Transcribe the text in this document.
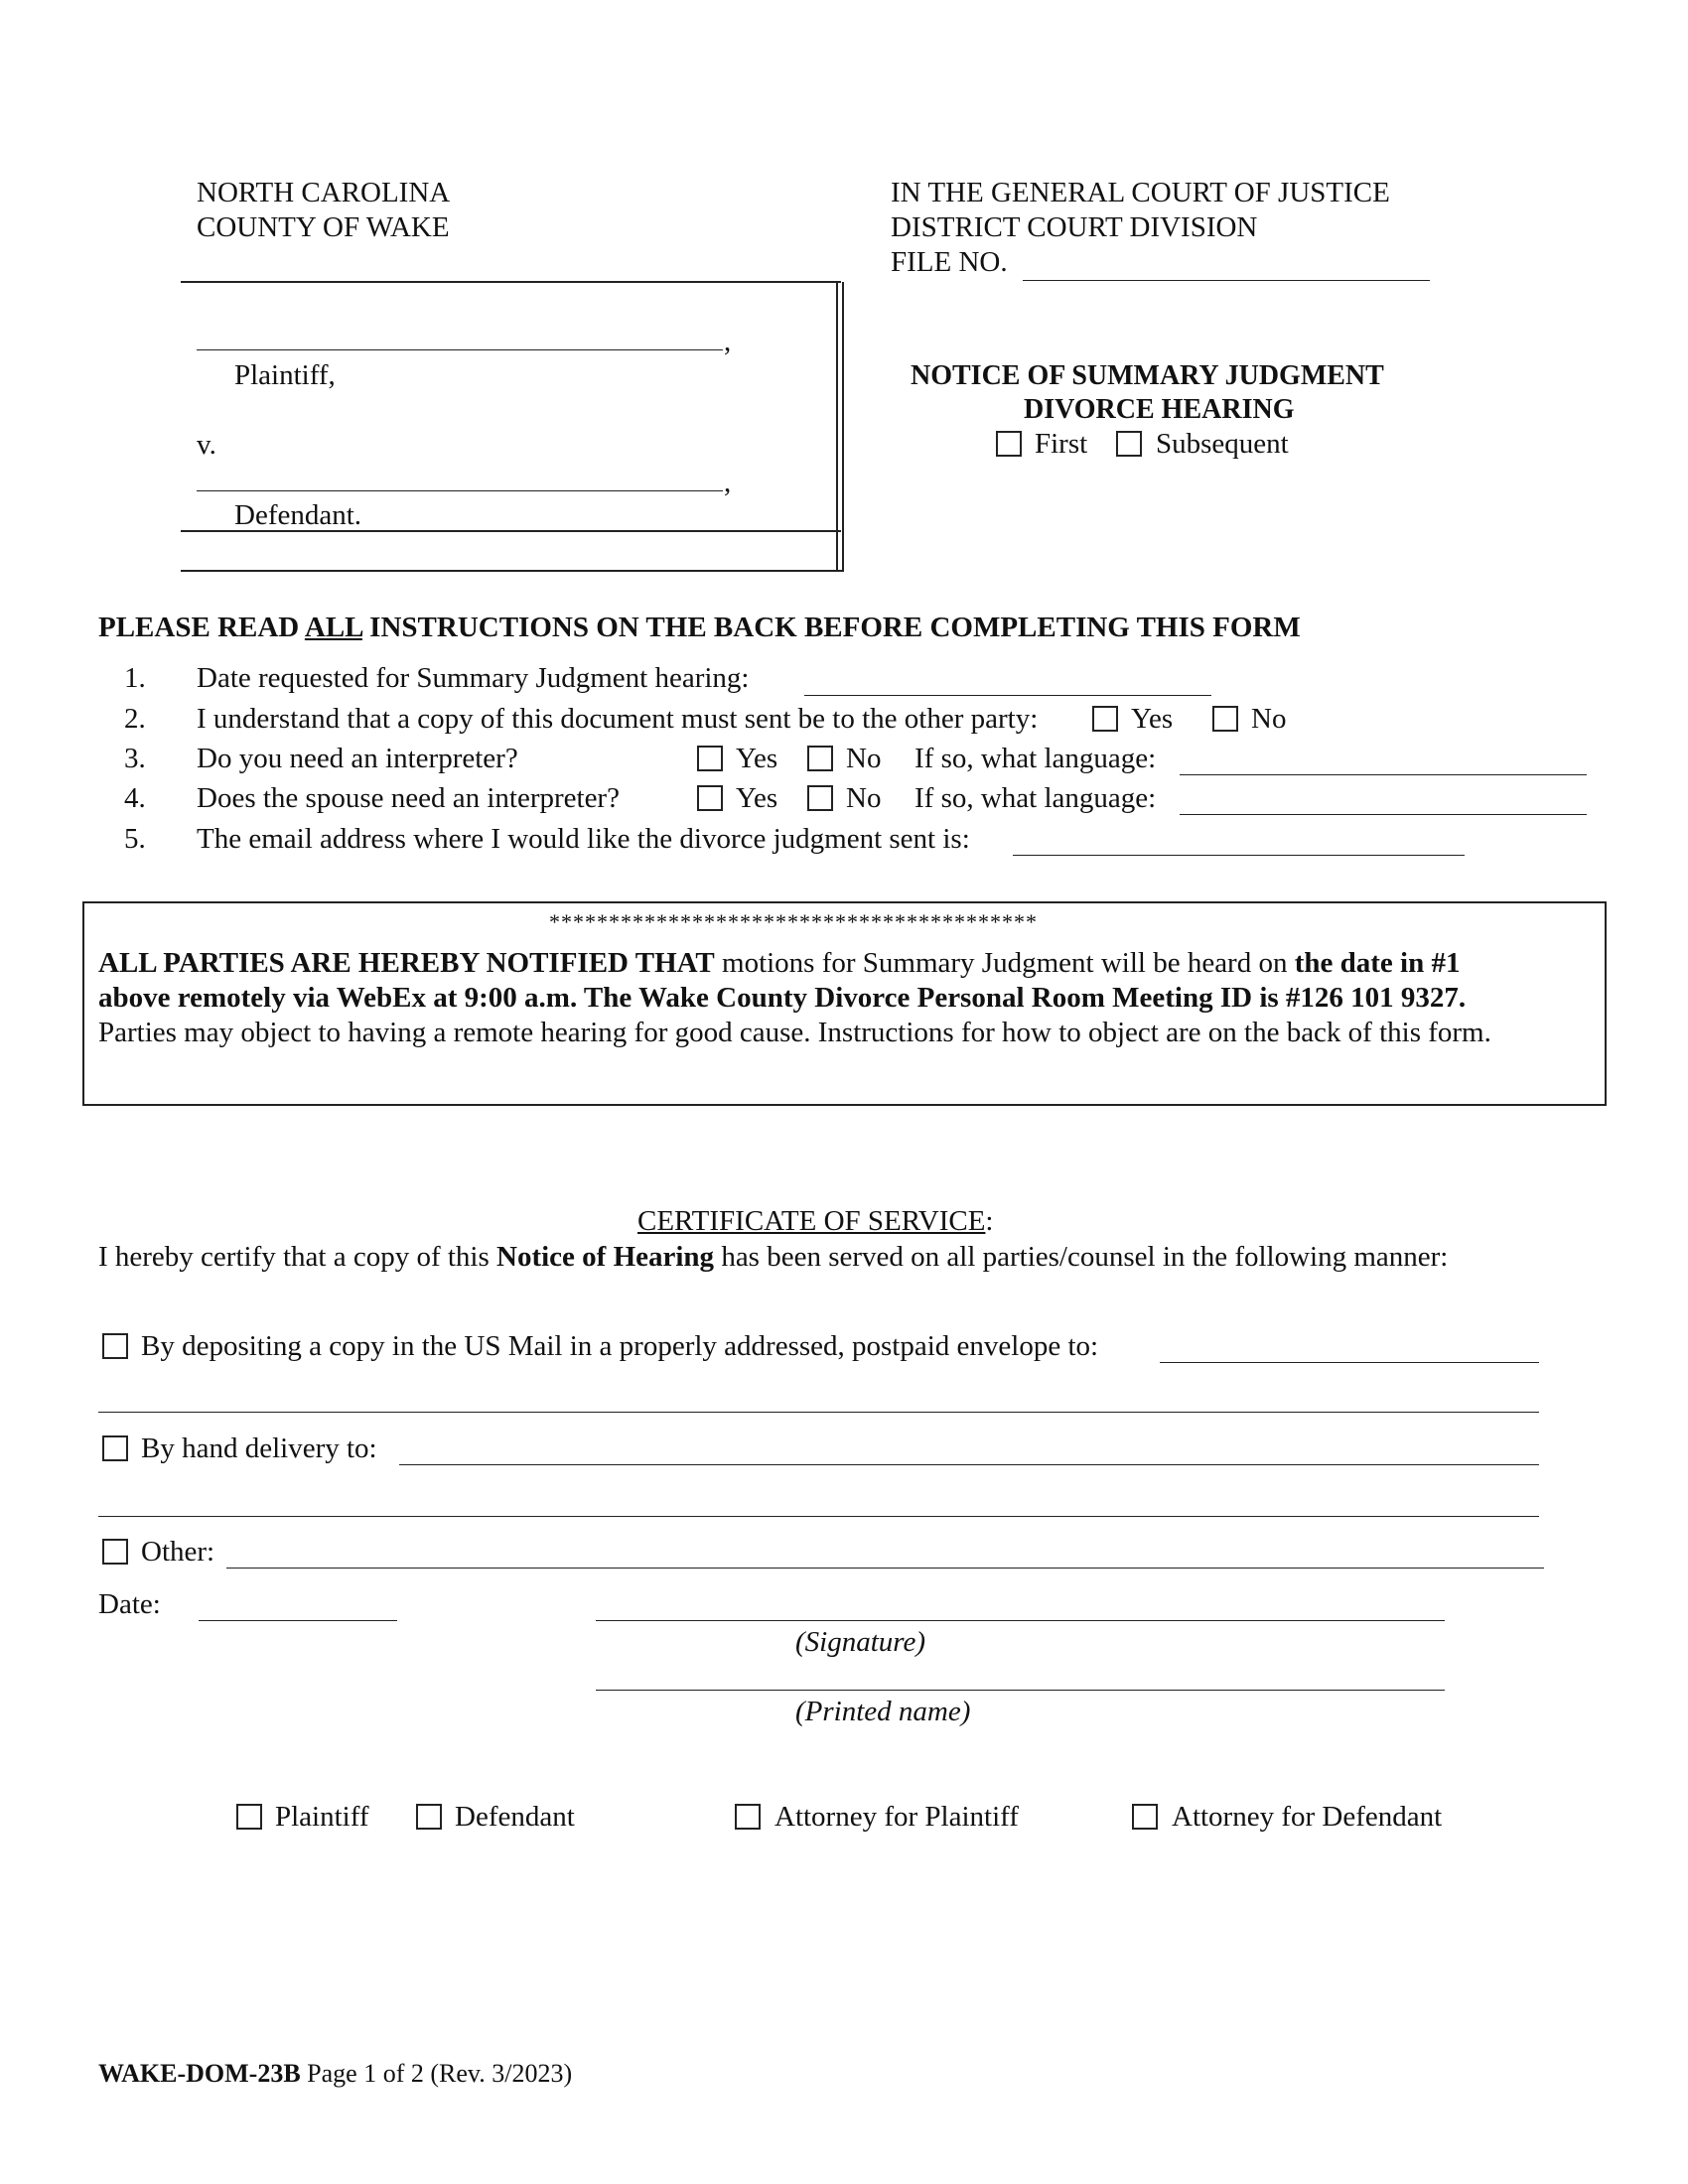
NORTH CAROLINA
COUNTY OF WAKE
IN THE GENERAL COURT OF JUSTICE
DISTRICT COURT DIVISION
FILE NO.
,
Plaintiff,
v.
,
Defendant.
NOTICE OF SUMMARY JUDGMENT
DIVORCE HEARING
First Subsequent
PLEASE READ ALL INSTRUCTIONS ON THE BACK BEFORE COMPLETING THIS FORM
1. Date requested for Summary Judgment hearing:
2. I understand that a copy of this document must sent be to the other party:	Yes	No
3. Do you need an interpreter?	Yes No If so, what language:
4. Does the spouse need an interpreter?	Yes No If so, what language:
5. The email address where I would like the divorce judgment sent is:
*****************************************
ALL PARTIES ARE HEREBY NOTIFIED THAT motions for Summary Judgment will be heard on the date in #1
above remotely via WebEx at 9:00 a.m. The Wake County Divorce Personal Room Meeting ID is #126 101 9327.
Parties may object to having a remote hearing for good cause. Instructions for how to object are on the back of this form.
CERTIFICATE OF SERVICE:
I hereby certify that a copy of this Notice of Hearing has been served on all parties/counsel in the following manner:
By depositing a copy in the US Mail in a properly addressed, postpaid envelope to:
By hand delivery to:
Other:
Date:
(Signature)
(Printed name)
Plaintiff	Defendant	Attorney for Plaintiff	Attorney for Defendant
WAKE-DOM-23B Page 1 of 2 (Rev. 3/2023)
